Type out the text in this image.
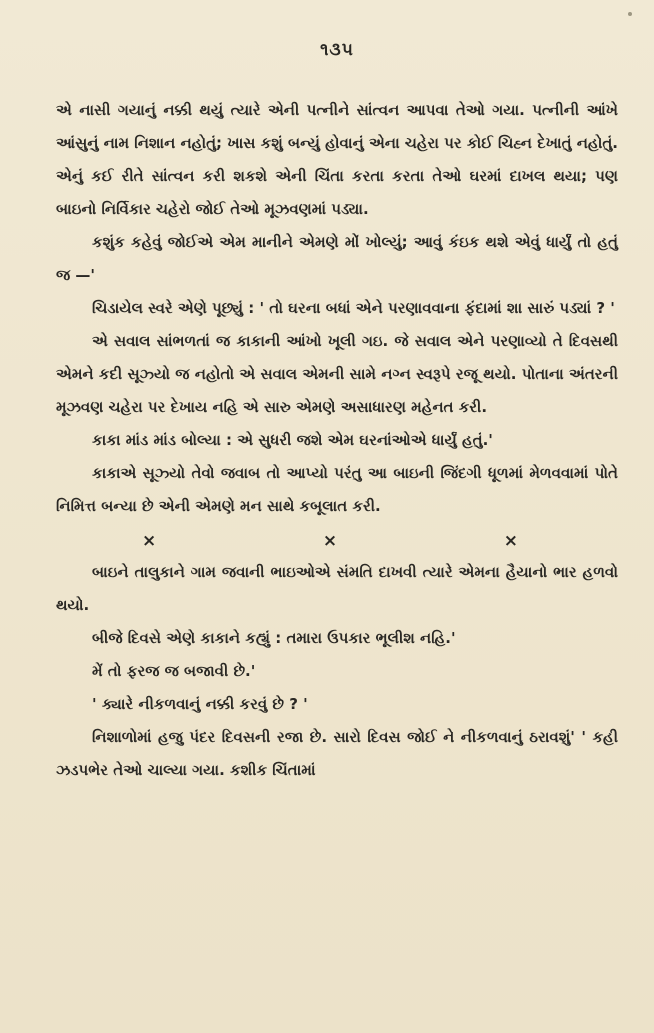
૧૩૫

એ નાસી ગયાનું નક્કી થયું ત્યારે એની પત્નીને સાંત્વન આપવા તેઓ ગયા. પત્નીની આંખે આંસુનું નામ નિશાન નહોતું; ખાસ કશું બન્યું હોવાનું એના ચહેરા પર કોઈ ચિહ્ન દેખાતું નહોતું. એનું કઈ રીતે સાંત્વન કરી શકશે એની ચિંતા કરતા કરતા તેઓ ઘરમાં દાખલ થયા; પણ બાઇનો નિર્વિકાર ચહેરો જોઈ તેઓ મૂઝવણમાં પડ્યા.

કશુંક કહેવું જોઈએ એમ માનીને એમણે મોં ખોલ્યું; આવું કંઇક થશે એવું ધાર્યું તો હતું જ —'

ચિડાયેલ સ્વરે એણે પૂછ્યું : ' તો ઘરના બધાં એને પરણાવવાના ફંદામાં શા સારું પડ્યાં ? '

એ સવાલ સાંભળતાં જ કાકાની આંખો ખૂલી ગઇ. જે સવાલ એને પરણાવ્યો તે દિવસથી એમને કદી સૂઝ્યો જ નહોતો એ સવાલ એમની સામે નગ્ન સ્વરૂપે રજૂ થયો. પોતાના અંતરની મૂઝવણ ચહેરા પર દેખાય નહિ એ સારુ એમણે અસાધારણ મહેનત કરી.

કાકા માંડ માંડ બોલ્યા : એ સુધરી જશે એમ ઘરનાંઓએ ધાર્યું હતું.'

કાકાએ સૂઝ્યો તેવો જવાબ તો આપ્યો પરંતુ આ બાઇની જિંદગી ધૂળમાં મેળવવામાં પોતે નિમિત્ત બન્યા છે એની એમણે મન સાથે કબૂલાત કરી.

×	×	×

બાઇને તાલુકાને ગામ જવાની ભાઇઓએ સંમતિ દાખવી ત્યારે એમના હૈયાનો ભાર હળવો થયો.

બીજે દિવસે એણે કાકાને કહ્યું : તમારા ઉપકાર ભૂલીશ નહિ.'

મેં તો ફરજ જ બજાવી છે.'

' ક્યારે નીકળવાનું નક્કી કરવું છે ? '

નિશાળોમાં હજુ પંદર દિવસની રજા છે. સારો દિવસ જોઈ ને નીકળવાનું ઠરાવશું' ' કહી ઝડપભેર તેઓ ચાલ્યા ગયા. કશીક ચિંતામાં
